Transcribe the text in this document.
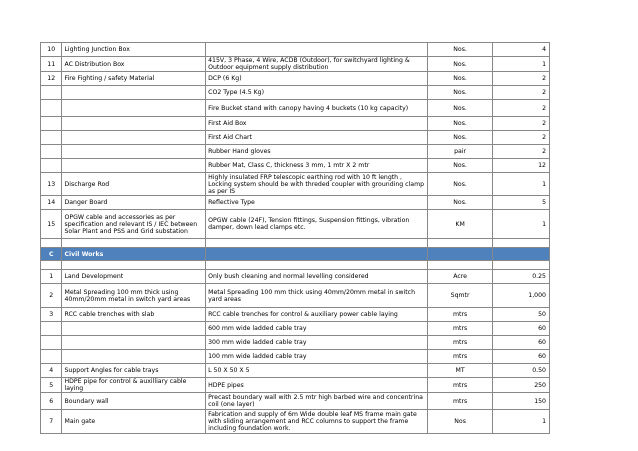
10	Lighting Junction Box		Nos.	4
11	AC Distribution Box	415V, 3 Phase, 4 Wire, ACDB (Outdoor), for switchyard lighting & Outdoor equipment supply distribution	Nos.	1
12	Fire Fighting / safety Material	DCP (6 Kg)	Nos.	2
		CO2 Type (4.5 Kg)	Nos.	2
		Fire Bucket stand with canopy having 4 buckets (10 kg capacity)	Nos.	2
		First Aid Box	Nos.	2
		First Aid Chart	Nos.	2
		Rubber Hand gloves	pair	2
		Rubber Mat, Class C, thickness 3 mm, 1 mtr X 2 mtr	Nos.	12
13	Discharge Rod	Highly insulated FRP telescopic earthing rod with 10 ft length , Locking system should be with threded coupler with grounding clamp as per IS	Nos.	1
14	Danger Board	Reflective Type	Nos.	5
15	OPGW cable and accessories as per specification and relevant IS / IEC between Solar Plant and PSS and Grid substation	OPGW cable (24F), Tension fittings, Suspension fittings, vibration damper, down lead clamps etc.	KM	1

C	Civil Works			

1	Land Development	Only bush cleaning and normal levelling considered	Acre	0.25
2	Metal Spreading 100 mm thick using 40mm/20mm metal in switch yard areas	Metal Spreading 100 mm thick using 40mm/20mm metal in switch yard areas	Sqmtr	1,000
3	RCC cable trenches with slab	RCC cable trenches for control & auxiliary power cable laying	mtrs	50
		600 mm wide ladded cable tray	mtrs	60
		300 mm wide ladded cable tray	mtrs	60
		100 mm wide ladded cable tray	mtrs	60
4	Support Angles for cable trays	L 50 X 50 X 5	MT	0.50
5	HDPE pipe for control & auxilliary cable laying	HDPE pipes	mtrs	250
6	Boundary wall	Precast boundary wall with 2.5 mtr high barbed wire and concentrina coil (one layer)	mtrs	150
7	Main gate	Fabrication and supply of 6m Wide double leaf MS frame main gate with sliding arrangement and RCC columns to support the frame including foundation work.	Nos	1
